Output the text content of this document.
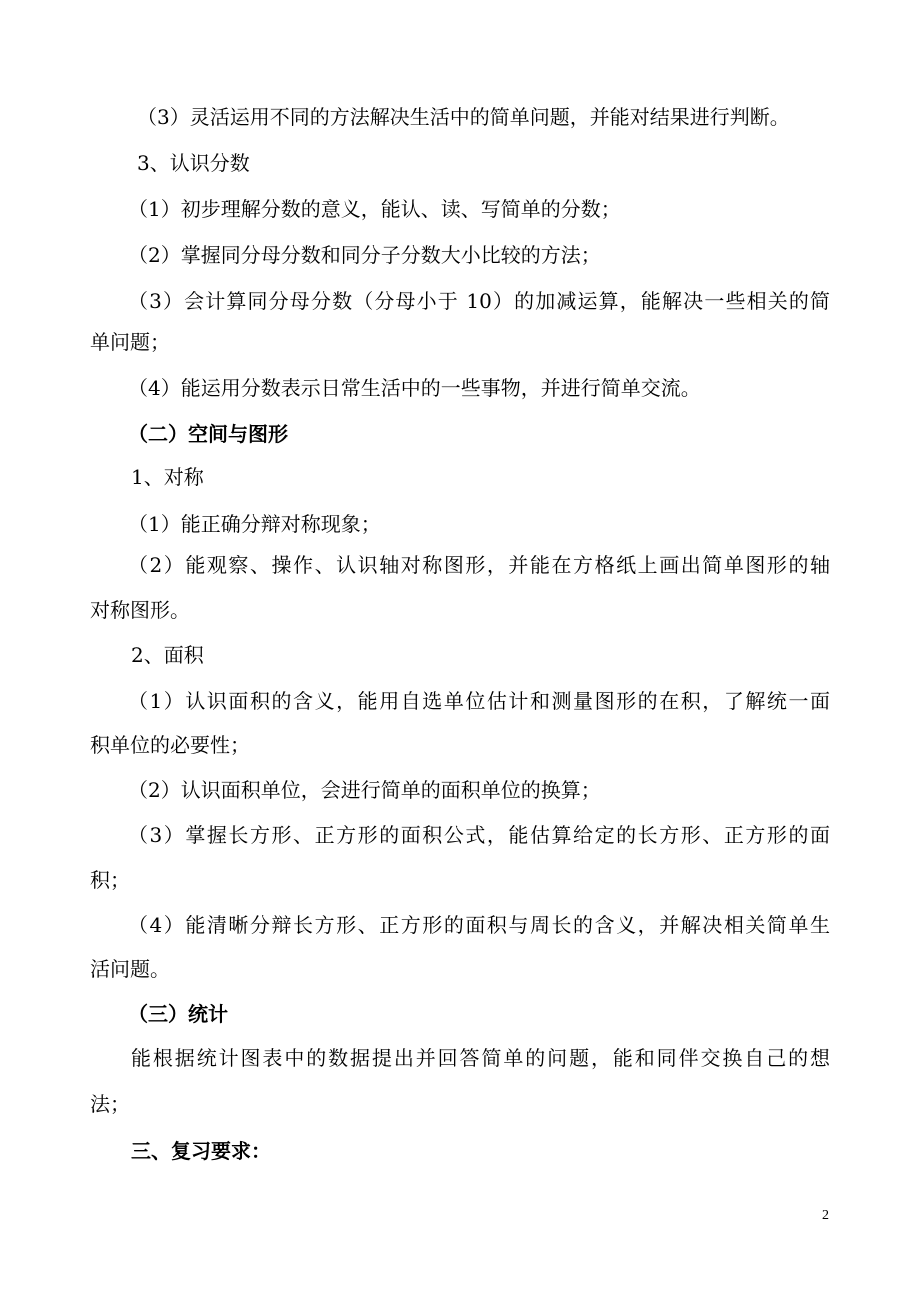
（3）灵活运用不同的方法解决生活中的简单问题，并能对结果进行判断。
3、认识分数
（1）初步理解分数的意义，能认、读、写简单的分数；
（2）掌握同分母分数和同分子分数大小比较的方法；
（3）会计算同分母分数（分母小于 10）的加减运算，能解决一些相关的简
单问题；
（4）能运用分数表示日常生活中的一些事物，并进行简单交流。
（二）空间与图形
1、对称
（1）能正确分辩对称现象；
（2）能观察、操作、认识轴对称图形，并能在方格纸上画出简单图形的轴
对称图形。
2、面积
（1）认识面积的含义，能用自选单位估计和测量图形的在积，了解统一面
积单位的必要性；
（2）认识面积单位，会进行简单的面积单位的换算；
（3）掌握长方形、正方形的面积公式，能估算给定的长方形、正方形的面
积；
（4）能清晰分辩长方形、正方形的面积与周长的含义，并解决相关简单生
活问题。
（三）统计
能根据统计图表中的数据提出并回答简单的问题，能和同伴交换自己的想
法；
三、复习要求：
2
